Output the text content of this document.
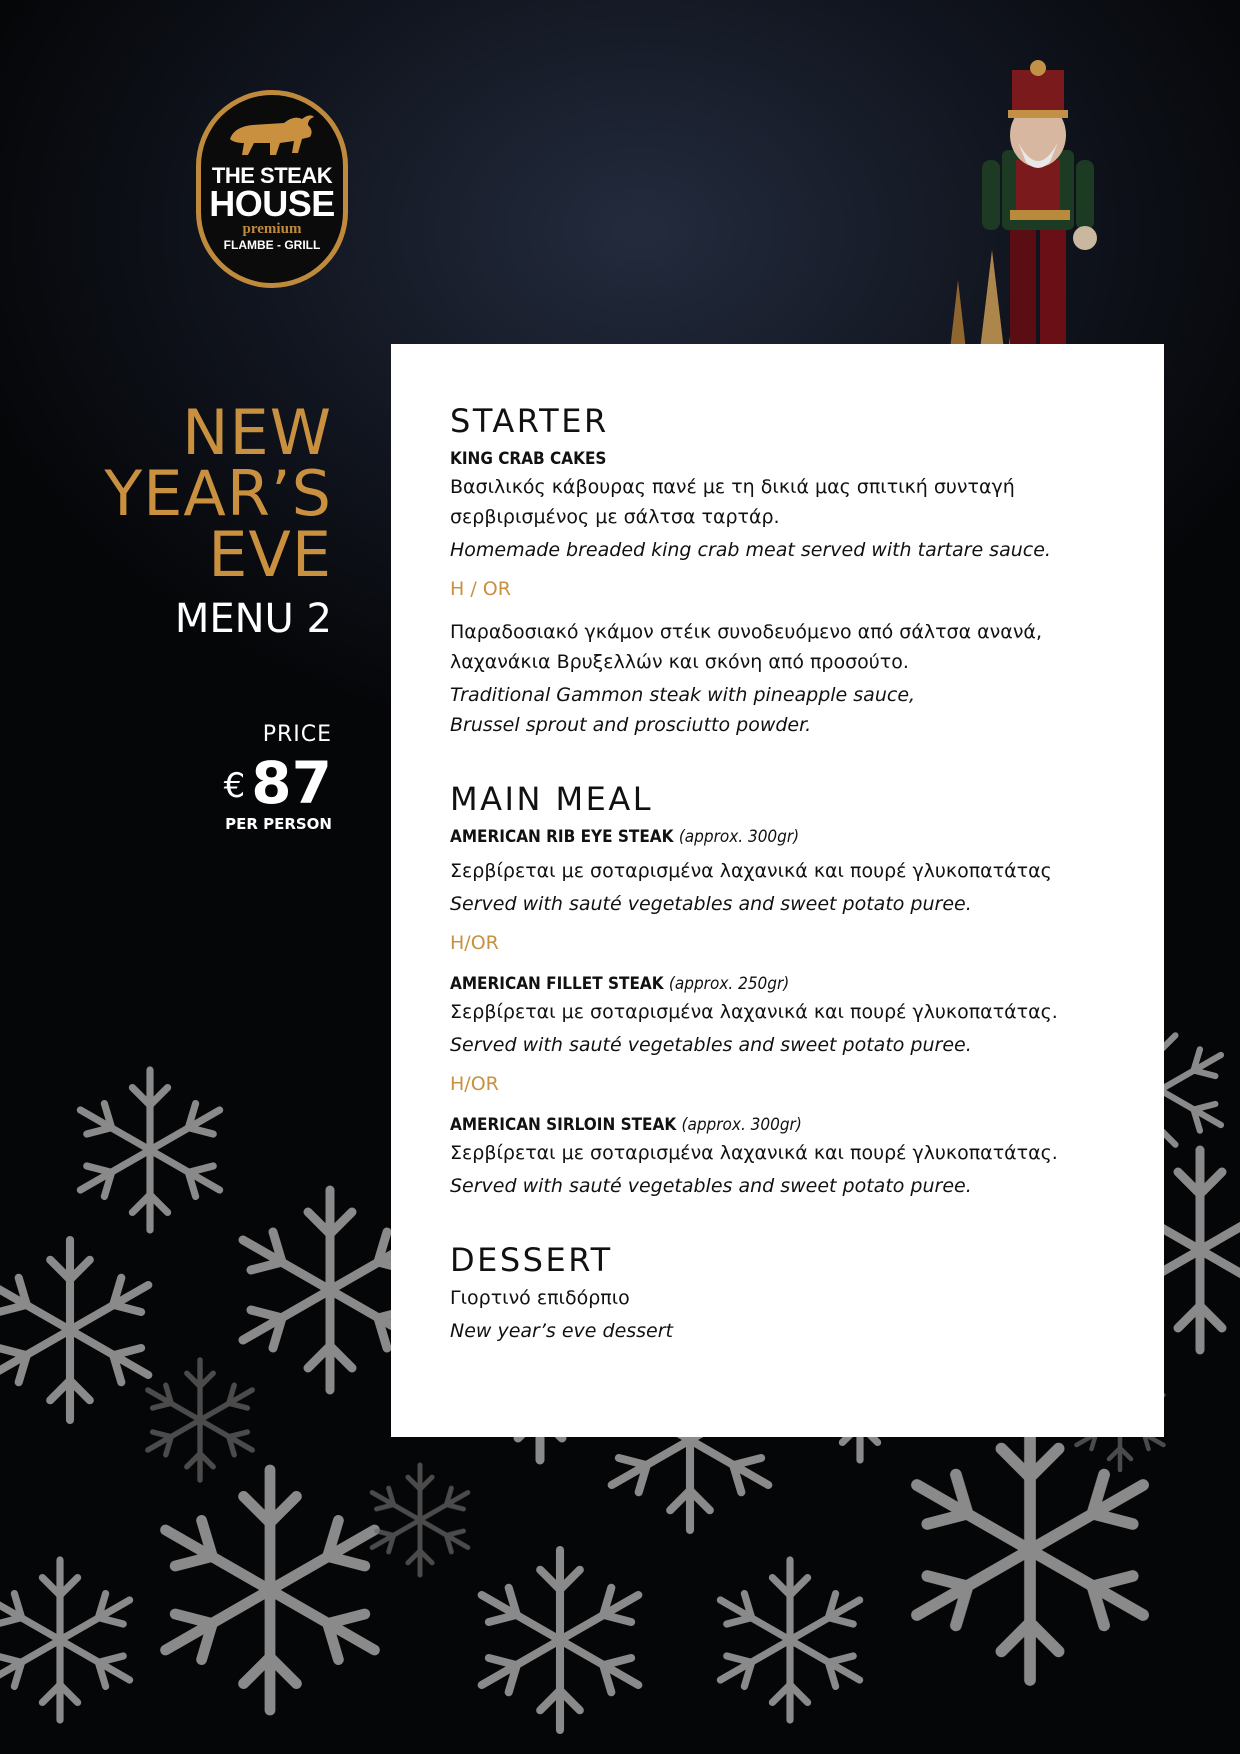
THE STEAK
HOUSE
premium
FLAMBE - GRILL
NEW
YEAR’S
EVE
MENU 2
PRICE
€ 87
PER PERSON
STARTER
KING CRAB CAKES
Βασιλικός κάβουρας πανέ με τη δικιά μας σπιτική συνταγή σερβιρισμένος με σάλτσα ταρτάρ.
Homemade breaded king crab meat served with tartare sauce.
H / OR
Παραδοσιακό γκάμον στέικ συνοδευόμενο από σάλτσα ανανά, λαχανάκια Βρυξελλών και σκόνη από προσούτο.
Traditional Gammon steak with pineapple sauce,
Brussel sprout and prosciutto powder.
MAIN MEAL
AMERICAN RIB EYE STEAK (approx. 300gr)
Σερβίρεται με σοταρισμένα λαχανικά και πουρέ γλυκοπατάτας
Served with sauté vegetables and sweet potato puree.
H/OR
AMERICAN FILLET STEAK (approx. 250gr)
Σερβίρεται με σοταρισμένα λαχανικά και πουρέ γλυκοπατάτας.
Served with sauté vegetables and sweet potato puree.
H/OR
AMERICAN SIRLOIN STEAK (approx. 300gr)
Σερβίρεται με σοταρισμένα λαχανικά και πουρέ γλυκοπατάτας.
Served with sauté vegetables and sweet potato puree.
DESSERT
Γιορτινό επιδόρπιο
New year’s eve dessert
